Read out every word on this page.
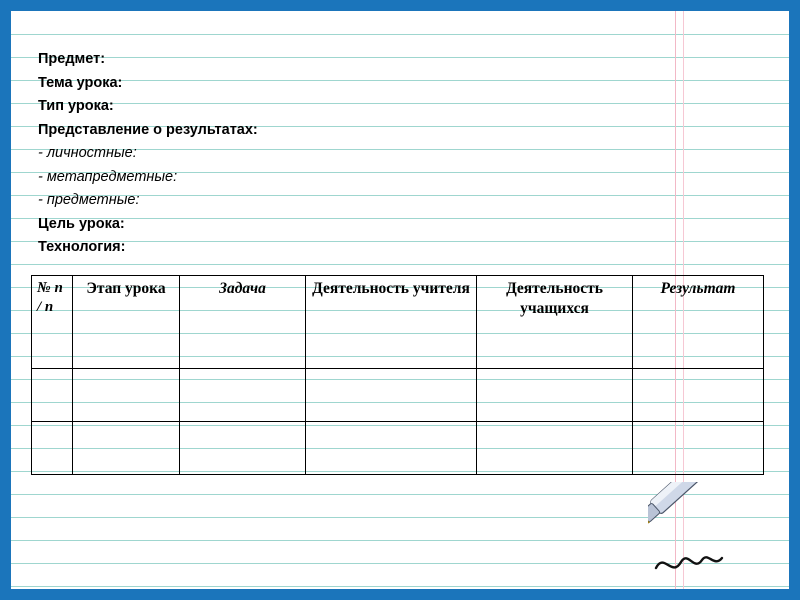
Предмет:
Тема урока:
Тип урока:
Представление о результатах:
- личностные:
- метапредметные:
- предметные:
Цель урока:
Технология:
№ п / п	Этап урока	Задача	Деятельность учителя	Деятельность учащихся	Результат
